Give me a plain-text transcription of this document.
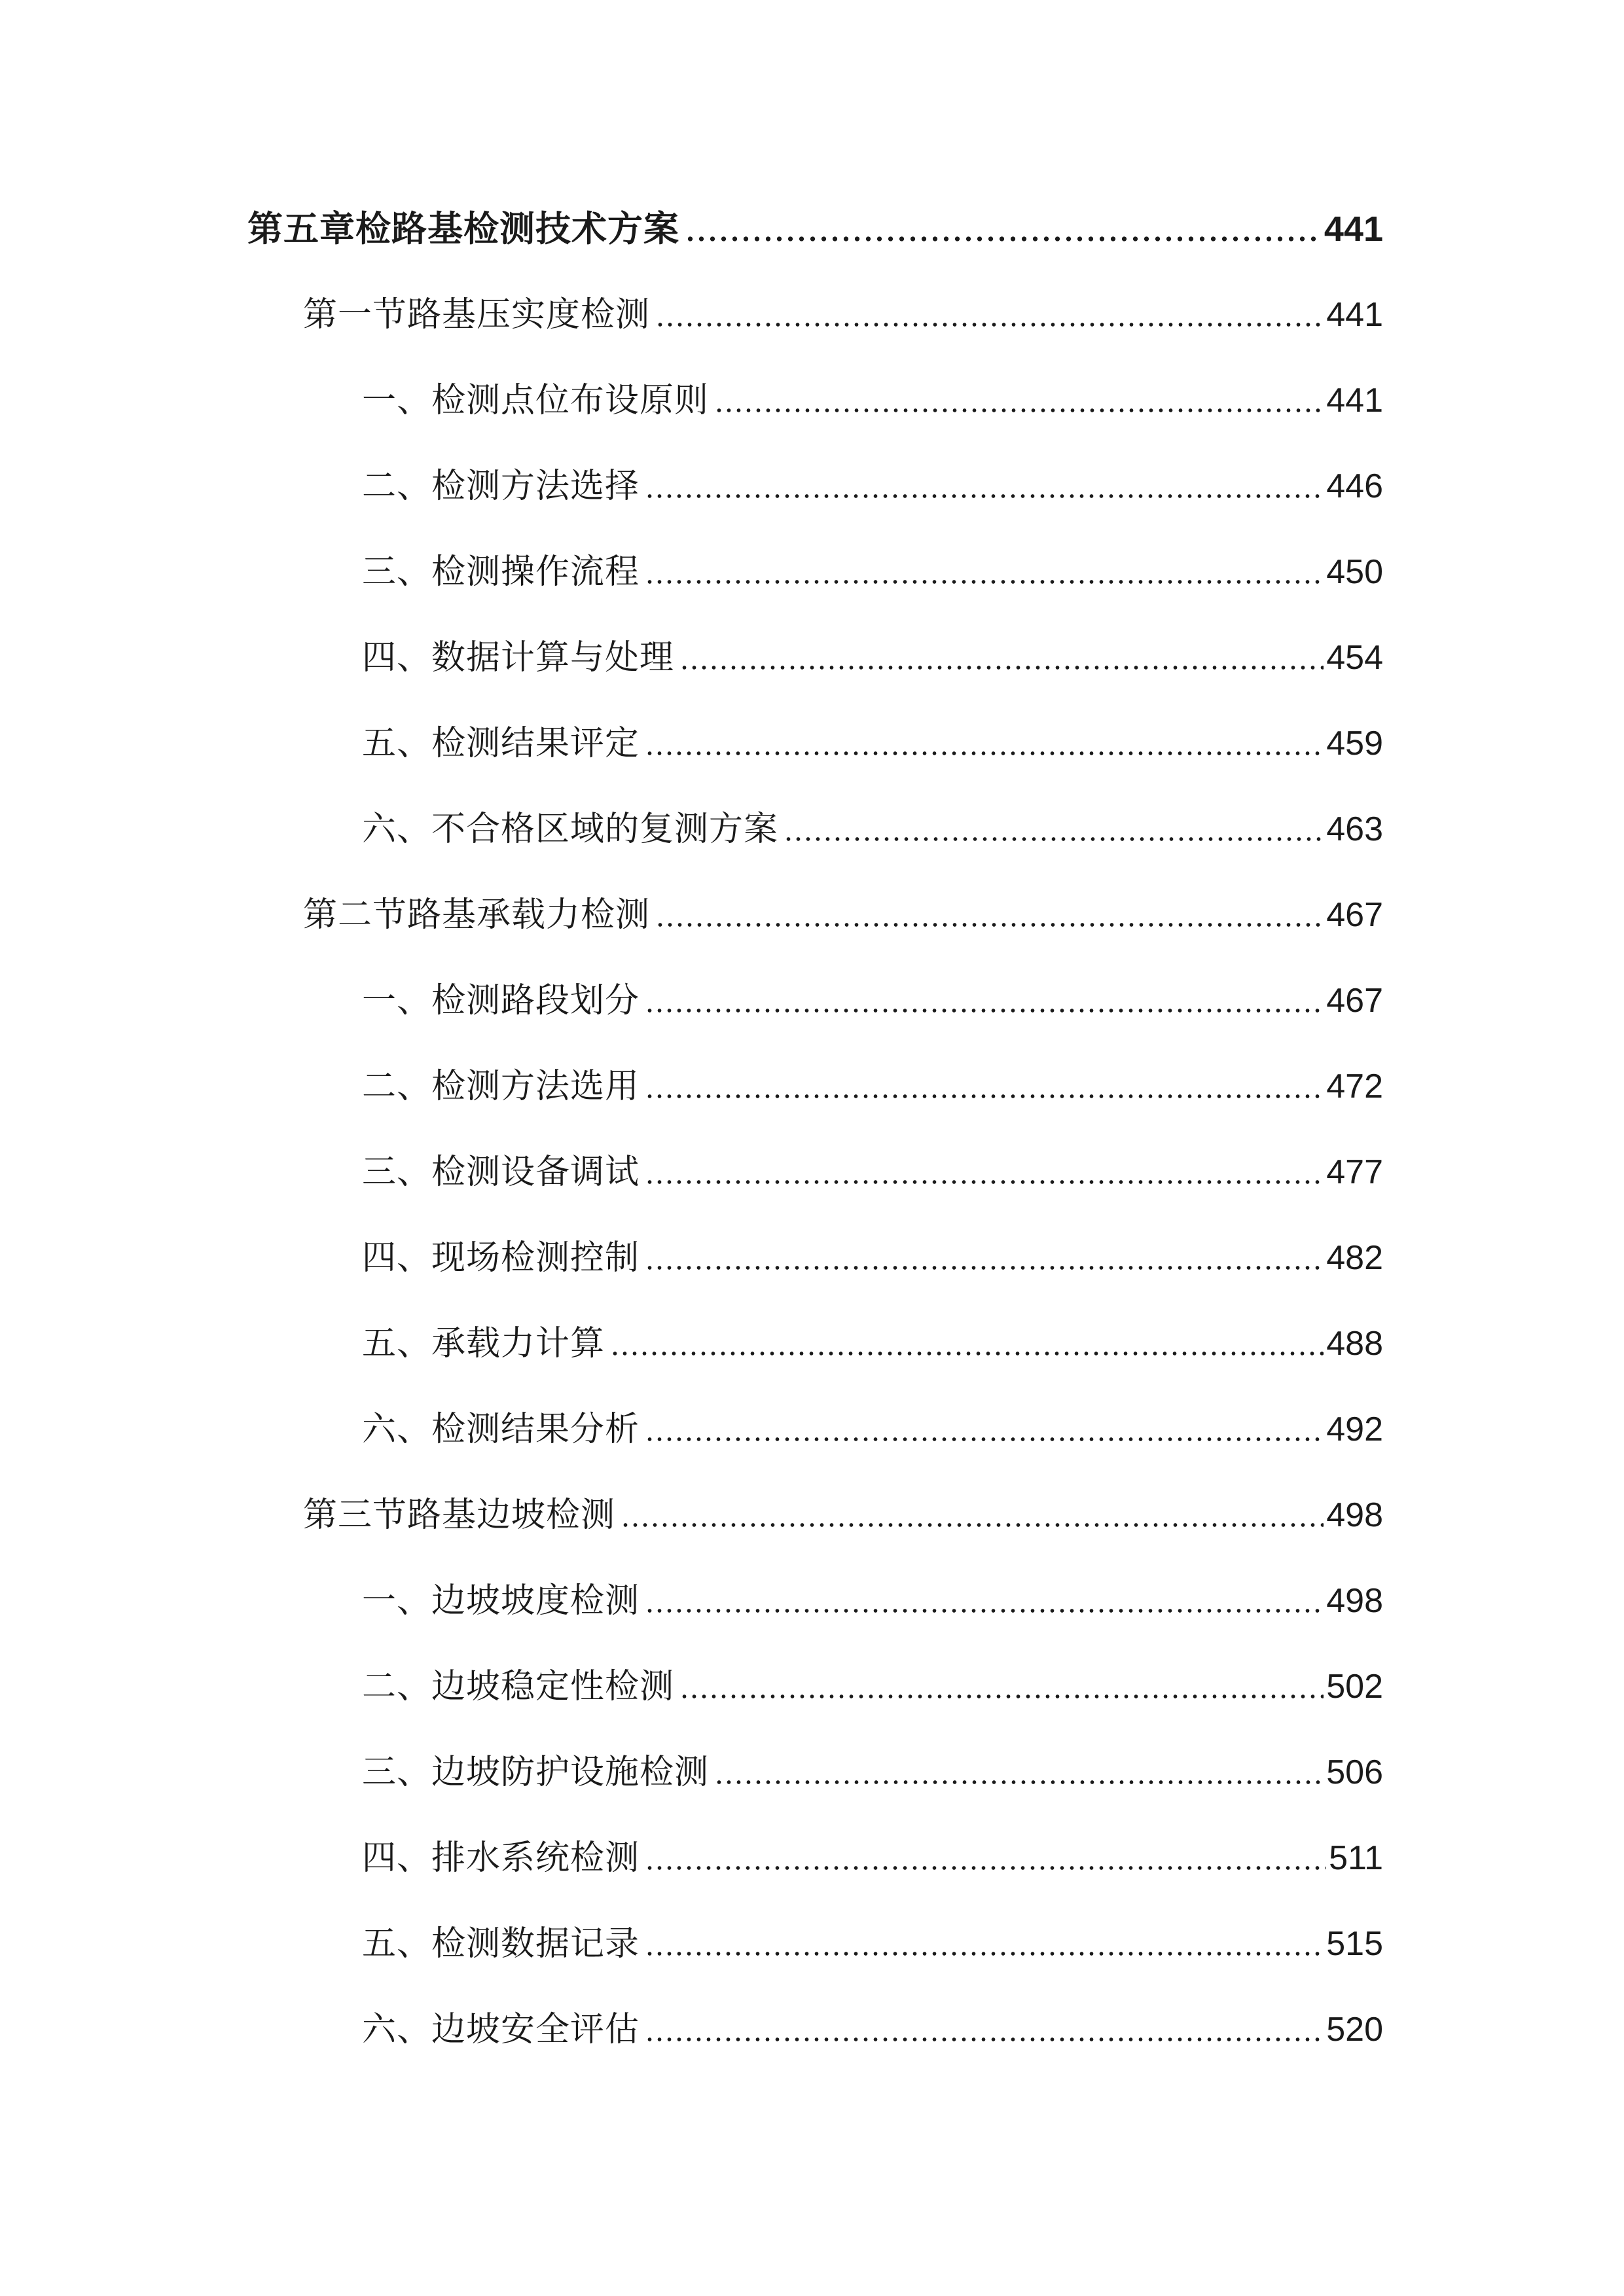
第五章检路基检测技术方案	441
第一节路基压实度检测	441
一、检测点位布设原则	441
二、检测方法选择	446
三、检测操作流程	450
四、数据计算与处理	454
五、检测结果评定	459
六、不合格区域的复测方案	463
第二节路基承载力检测	467
一、检测路段划分	467
二、检测方法选用	472
三、检测设备调试	477
四、现场检测控制	482
五、承载力计算	488
六、检测结果分析	492
第三节路基边坡检测	498
一、边坡坡度检测	498
二、边坡稳定性检测	502
三、边坡防护设施检测	506
四、排水系统检测	511
五、检测数据记录	515
六、边坡安全评估	520
